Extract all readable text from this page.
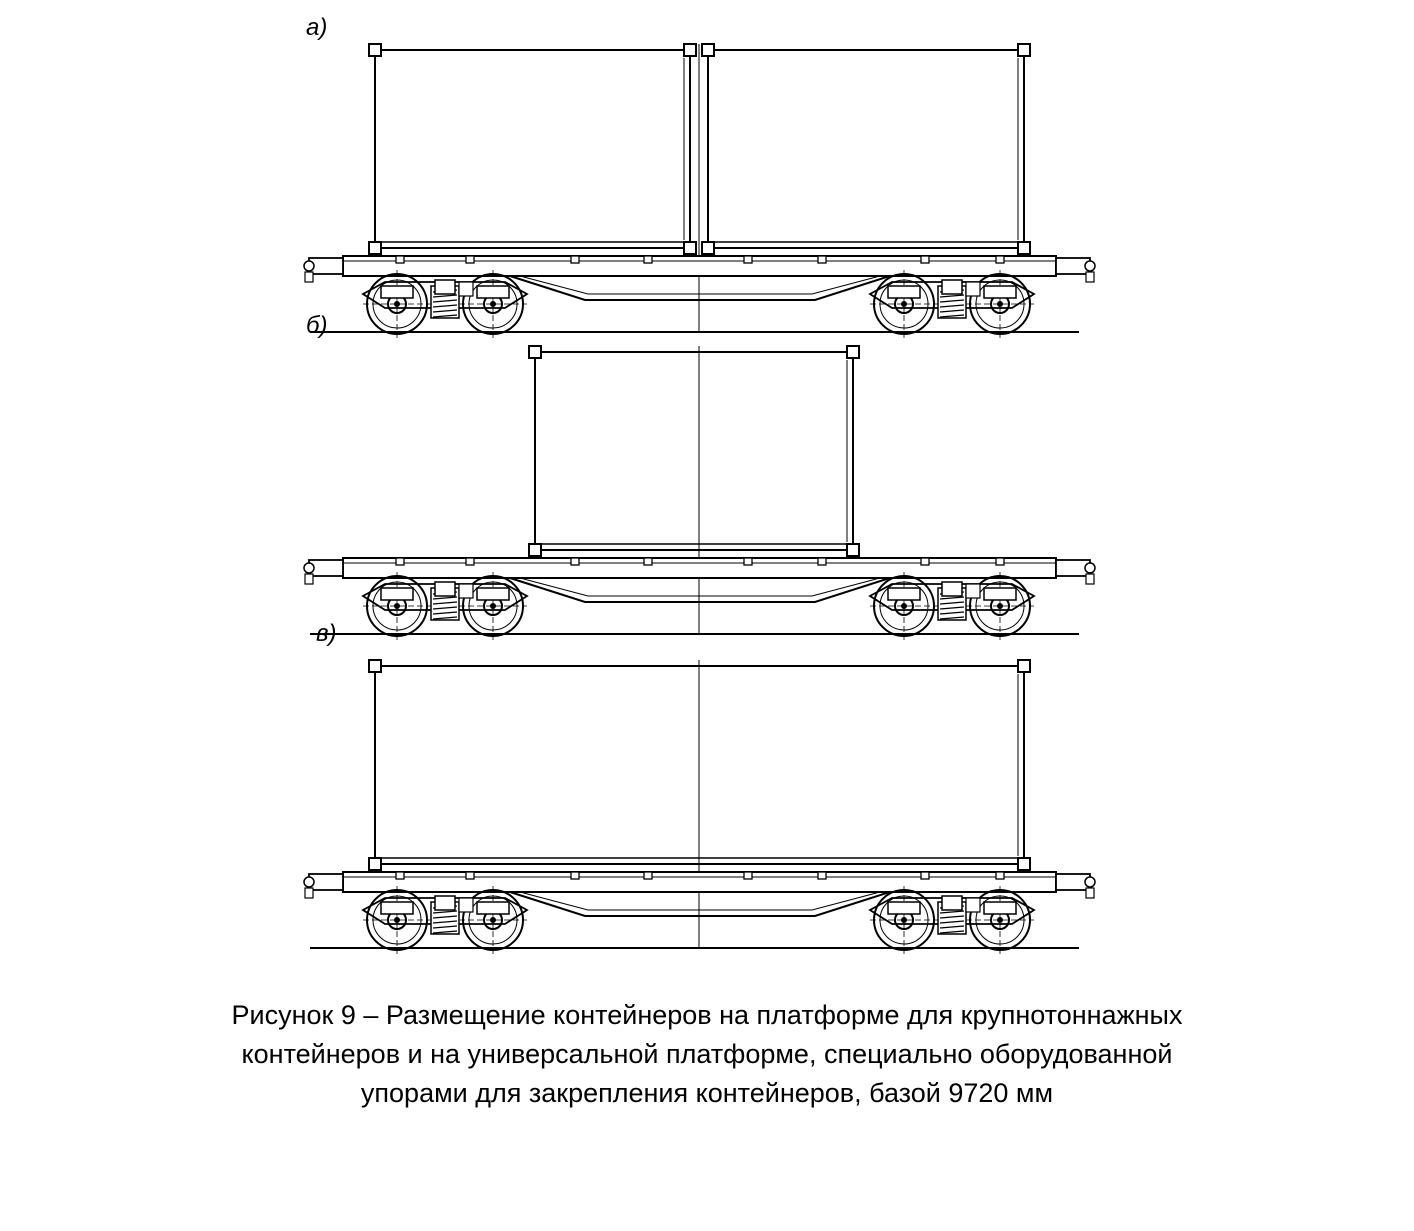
а)
б)
в)
Рисунок 9 – Размещение контейнеров на платформе для крупнотоннажных
контейнеров и на универсальной платформе, специально оборудованной
упорами для закрепления контейнеров, базой 9720 мм
